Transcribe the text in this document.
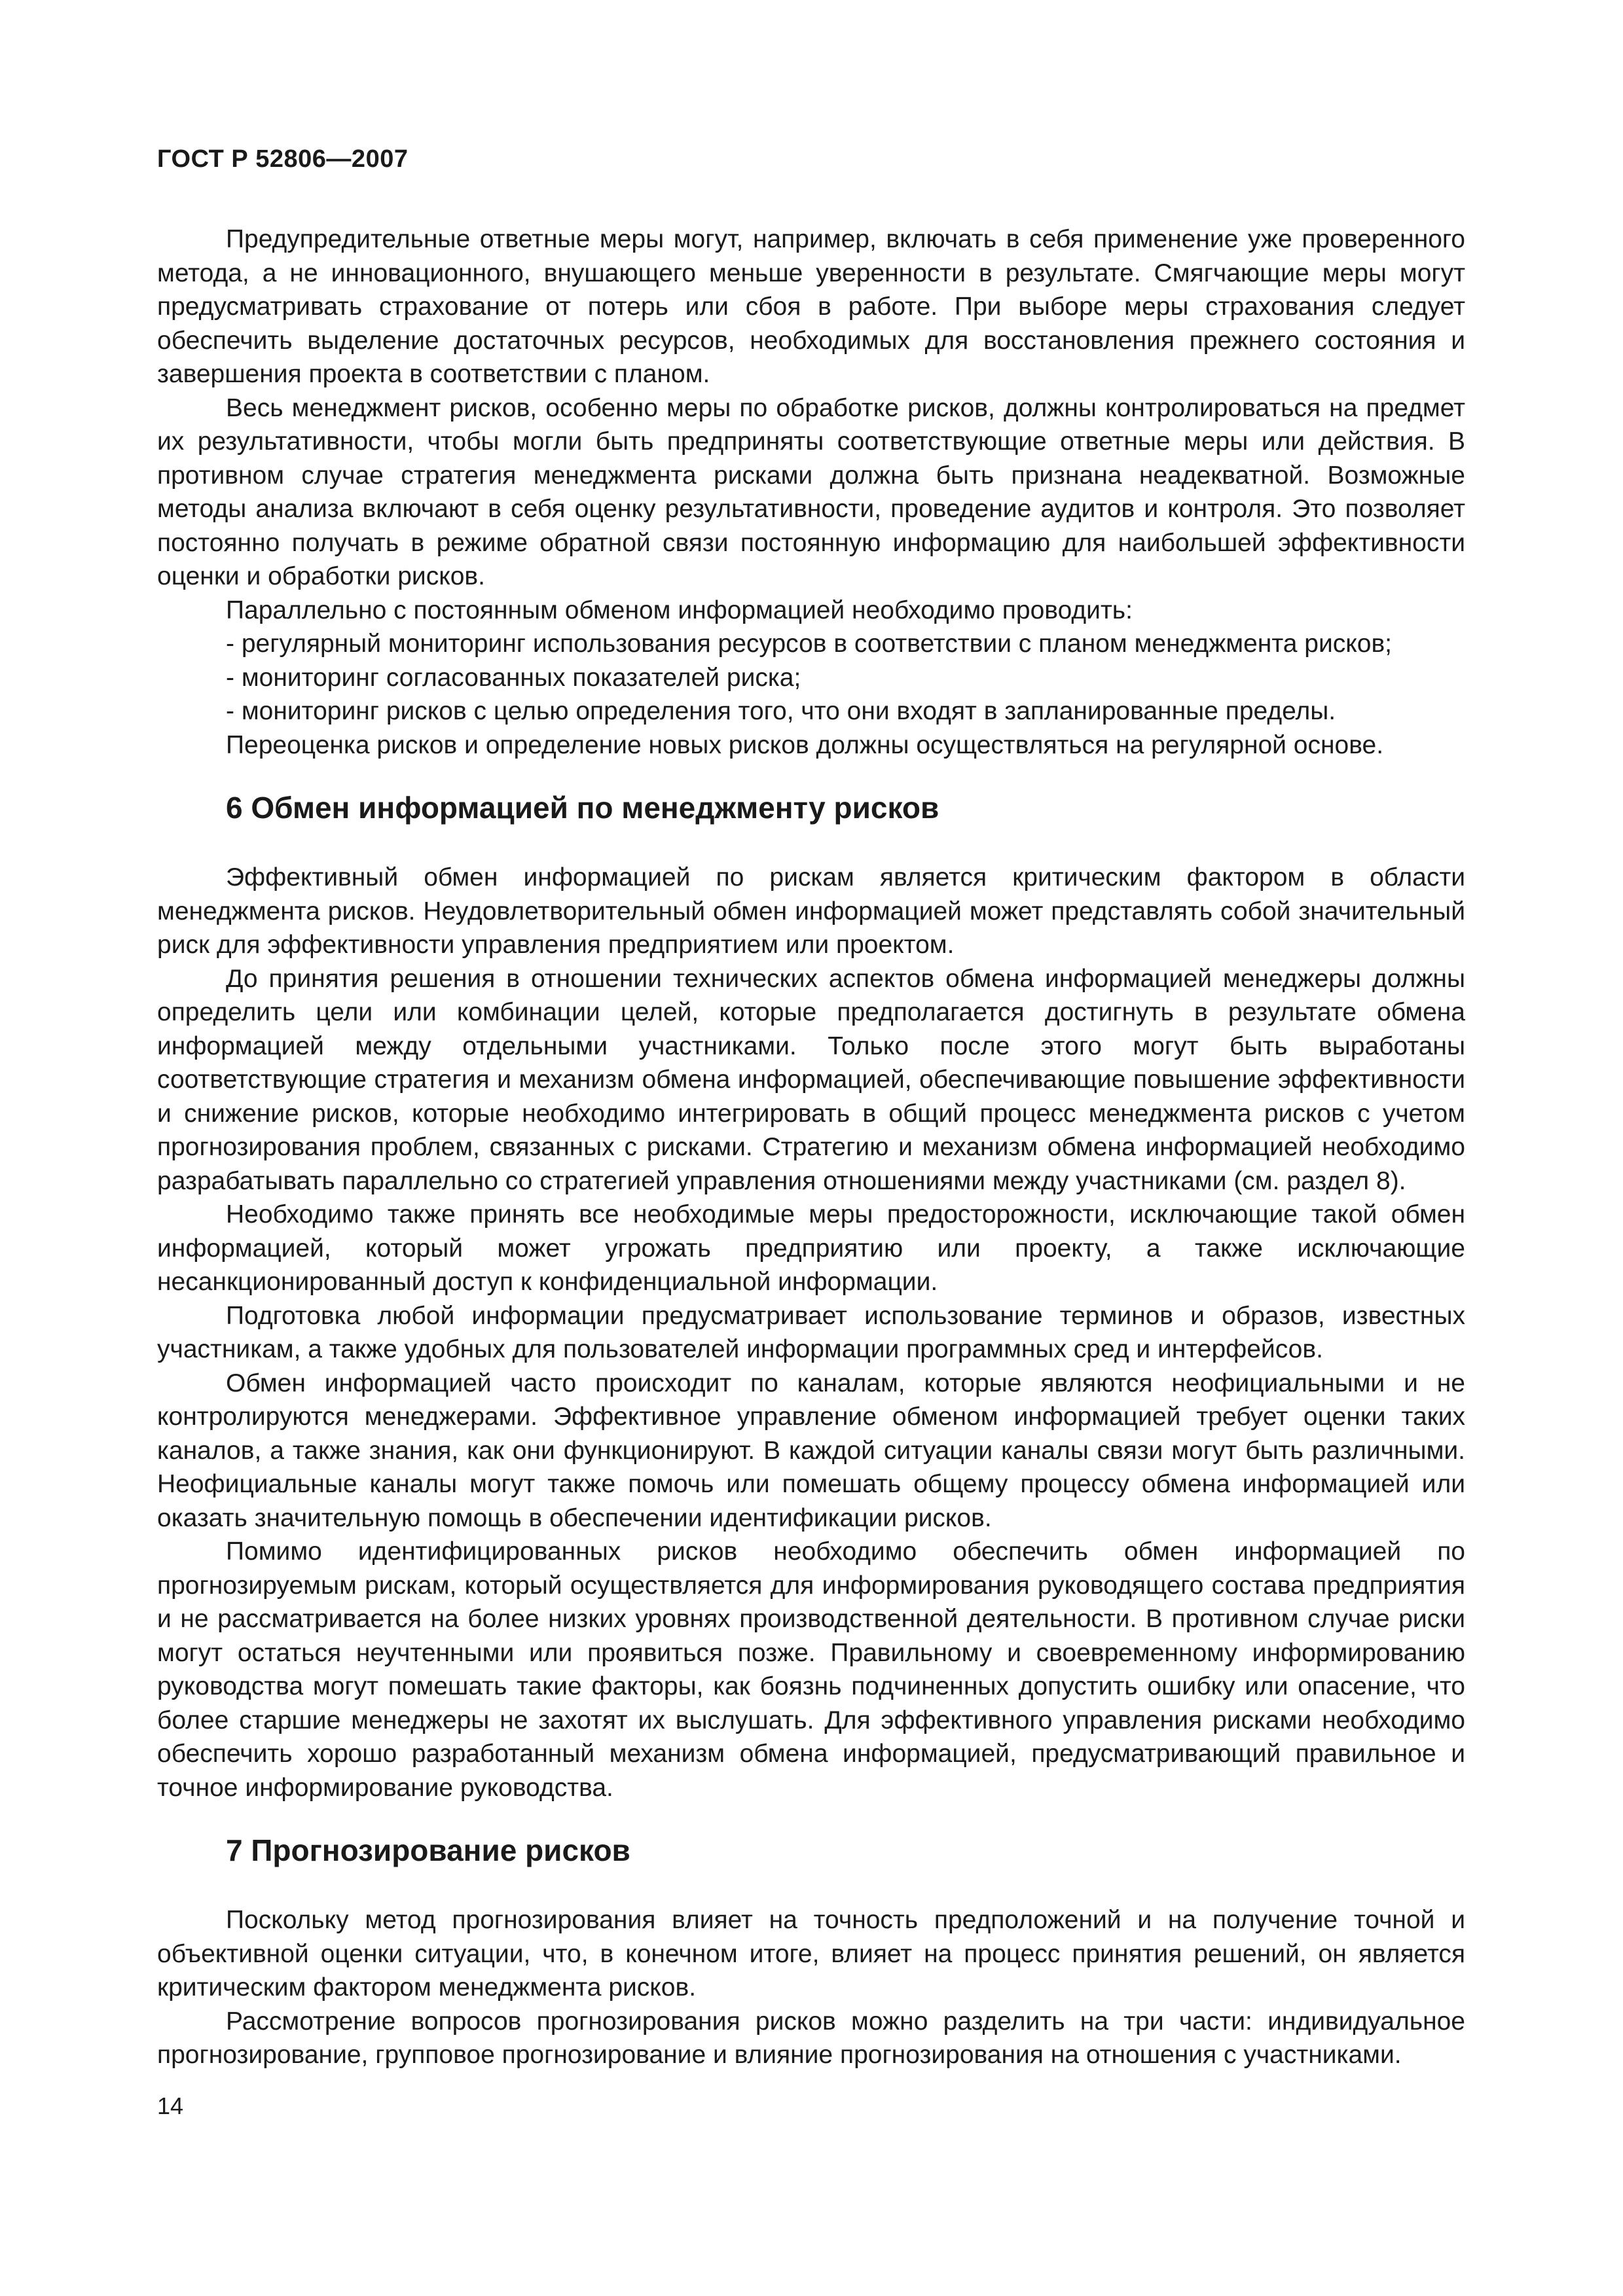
ГОСТ Р 52806—2007

Предупредительные ответные меры могут, например, включать в себя применение уже проверенного метода, а не инновационного, внушающего меньше уверенности в результате. Смягчающие меры могут предусматривать страхование от потерь или сбоя в работе. При выборе меры страхования следует обеспечить выделение достаточных ресурсов, необходимых для восстановления прежнего состояния и завершения проекта в соответствии с планом.

Весь менеджмент рисков, особенно меры по обработке рисков, должны контролироваться на предмет их результативности, чтобы могли быть предприняты соответствующие ответные меры или действия. В противном случае стратегия менеджмента рисками должна быть признана неадекватной. Возможные методы анализа включают в себя оценку результативности, проведение аудитов и контроля. Это позволяет постоянно получать в режиме обратной связи постоянную информацию для наибольшей эффективности оценки и обработки рисков.

Параллельно с постоянным обменом информацией необходимо проводить:

- регулярный мониторинг использования ресурсов в соответствии с планом менеджмента рисков;

- мониторинг согласованных показателей риска;

- мониторинг рисков с целью определения того, что они входят в запланированные пределы.

Переоценка рисков и определение новых рисков должны осуществляться на регулярной основе.

6 Обмен информацией по менеджменту рисков

Эффективный обмен информацией по рискам является критическим фактором в области менеджмента рисков. Неудовлетворительный обмен информацией может представлять собой значительный риск для эффективности управления предприятием или проектом.

До принятия решения в отношении технических аспектов обмена информацией менеджеры должны определить цели или комбинации целей, которые предполагается достигнуть в результате обмена информацией между отдельными участниками. Только после этого могут быть выработаны соответствующие стратегия и механизм обмена информацией, обеспечивающие повышение эффективности и снижение рисков, которые необходимо интегрировать в общий процесс менеджмента рисков с учетом прогнозирования проблем, связанных с рисками. Стратегию и механизм обмена информацией необходимо разрабатывать параллельно со стратегией управления отношениями между участниками (см. раздел 8).

Необходимо также принять все необходимые меры предосторожности, исключающие такой обмен информацией, который может угрожать предприятию или проекту, а также исключающие несанкционированный доступ к конфиденциальной информации.

Подготовка любой информации предусматривает использование терминов и образов, известных участникам, а также удобных для пользователей информации программных сред и интерфейсов.

Обмен информацией часто происходит по каналам, которые являются неофициальными и не контролируются менеджерами. Эффективное управление обменом информацией требует оценки таких каналов, а также знания, как они функционируют. В каждой ситуации каналы связи могут быть различными. Неофициальные каналы могут также помочь или помешать общему процессу обмена информацией или оказать значительную помощь в обеспечении идентификации рисков.

Помимо идентифицированных рисков необходимо обеспечить обмен информацией по прогнозируемым рискам, который осуществляется для информирования руководящего состава предприятия и не рассматривается на более низких уровнях производственной деятельности. В противном случае риски могут остаться неучтенными или проявиться позже. Правильному и своевременному информированию руководства могут помешать такие факторы, как боязнь подчиненных допустить ошибку или опасение, что более старшие менеджеры не захотят их выслушать. Для эффективного управления рисками необходимо обеспечить хорошо разработанный механизм обмена информацией, предусматривающий правильное и точное информирование руководства.

7 Прогнозирование рисков

Поскольку метод прогнозирования влияет на точность предположений и на получение точной и объективной оценки ситуации, что, в конечном итоге, влияет на процесс принятия решений, он является критическим фактором менеджмента рисков.

Рассмотрение вопросов прогнозирования рисков можно разделить на три части: индивидуальное прогнозирование, групповое прогнозирование и влияние прогнозирования на отношения с участниками.

14
